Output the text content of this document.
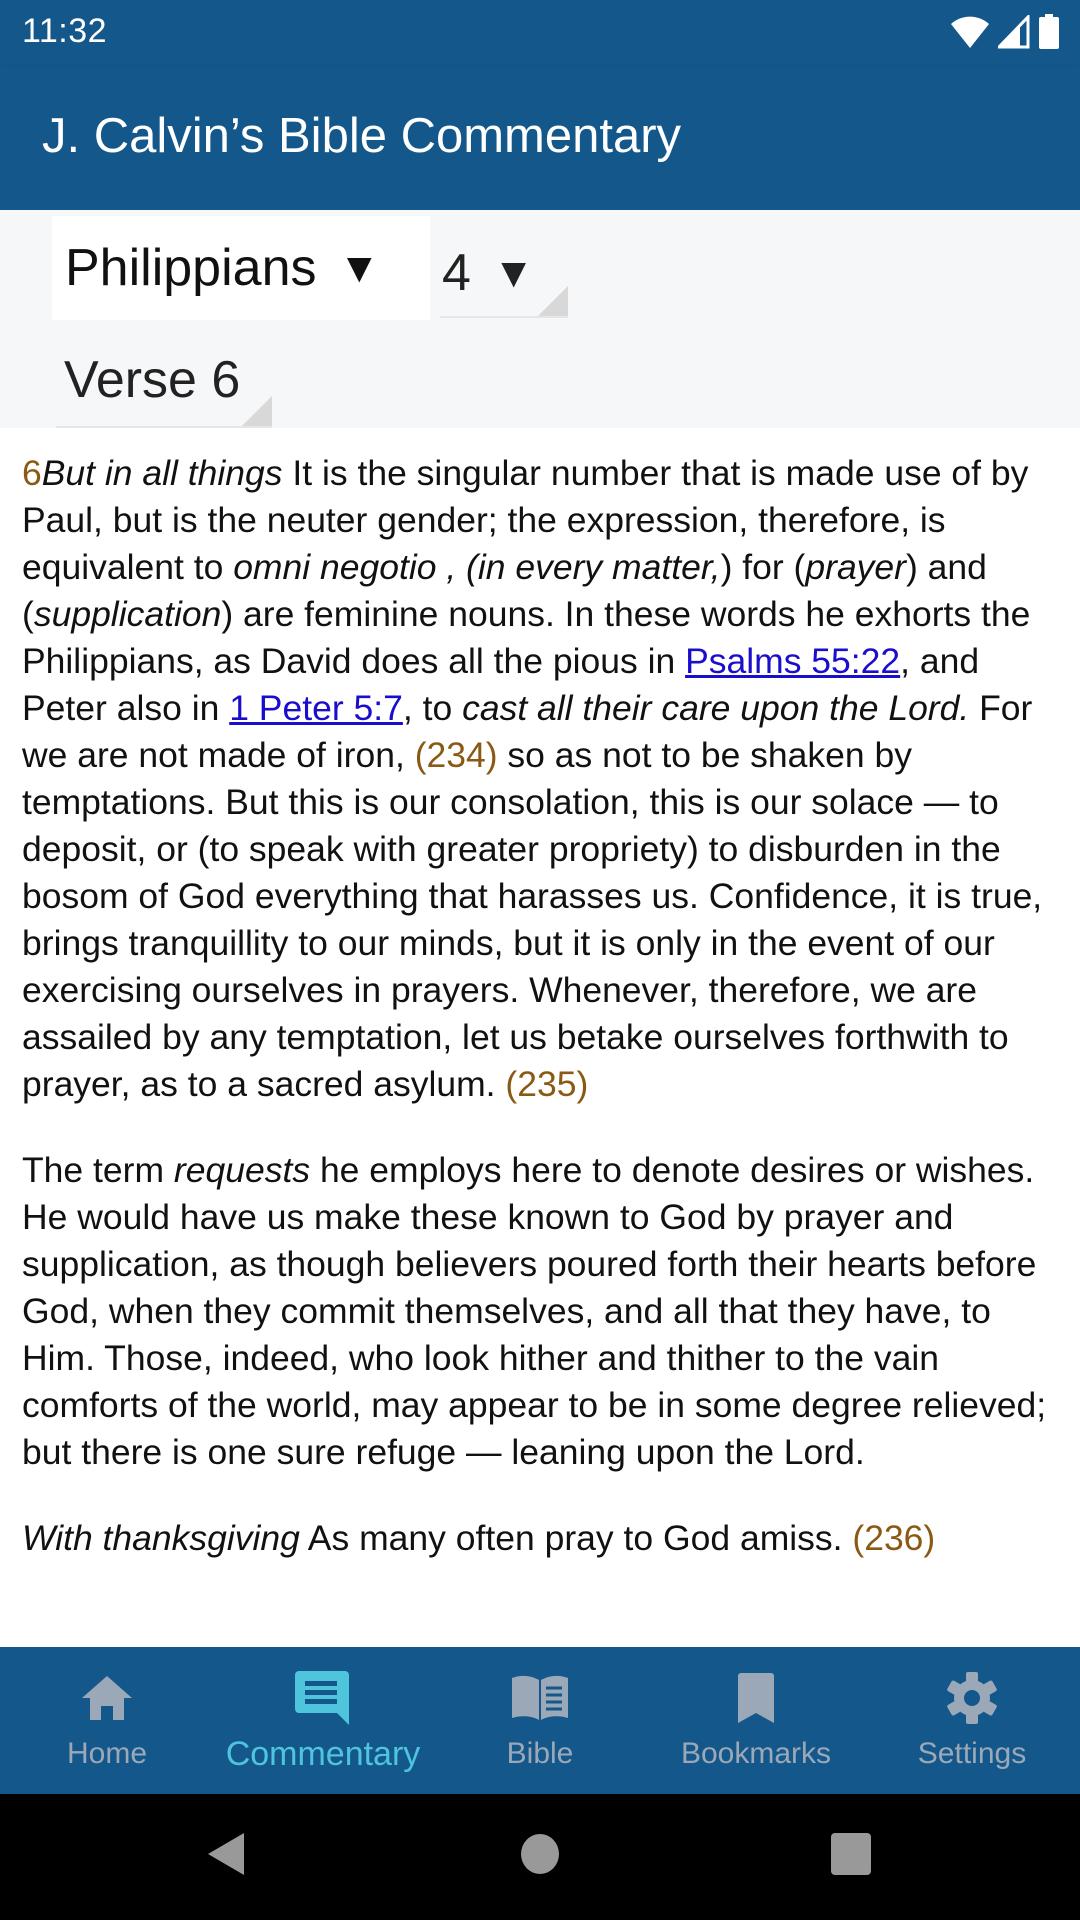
11:32
J. Calvin’s Bible Commentary
Philippians ▼ 4 ▼
Verse 6

6But in all things It is the singular number that is made use of by Paul, but is the neuter gender; the expression, therefore, is equivalent to omni negotio , (in every matter,) for (prayer) and (supplication) are feminine nouns. In these words he exhorts the Philippians, as David does all the pious in Psalms 55:22, and Peter also in 1 Peter 5:7, to cast all their care upon the Lord. For we are not made of iron, (234) so as not to be shaken by temptations. But this is our consolation, this is our solace — to deposit, or (to speak with greater propriety) to disburden in the bosom of God everything that harasses us. Confidence, it is true, brings tranquillity to our minds, but it is only in the event of our exercising ourselves in prayers. Whenever, therefore, we are assailed by any temptation, let us betake ourselves forthwith to prayer, as to a sacred asylum. (235)

The term requests he employs here to denote desires or wishes. He would have us make these known to God by prayer and supplication, as though believers poured forth their hearts before God, when they commit themselves, and all that they have, to Him. Those, indeed, who look hither and thither to the vain comforts of the world, may appear to be in some degree relieved; but there is one sure refuge — leaning upon the Lord.

With thanksgiving As many often pray to God amiss. (236)

Home Commentary	Bible	Bookmarks	Settings
